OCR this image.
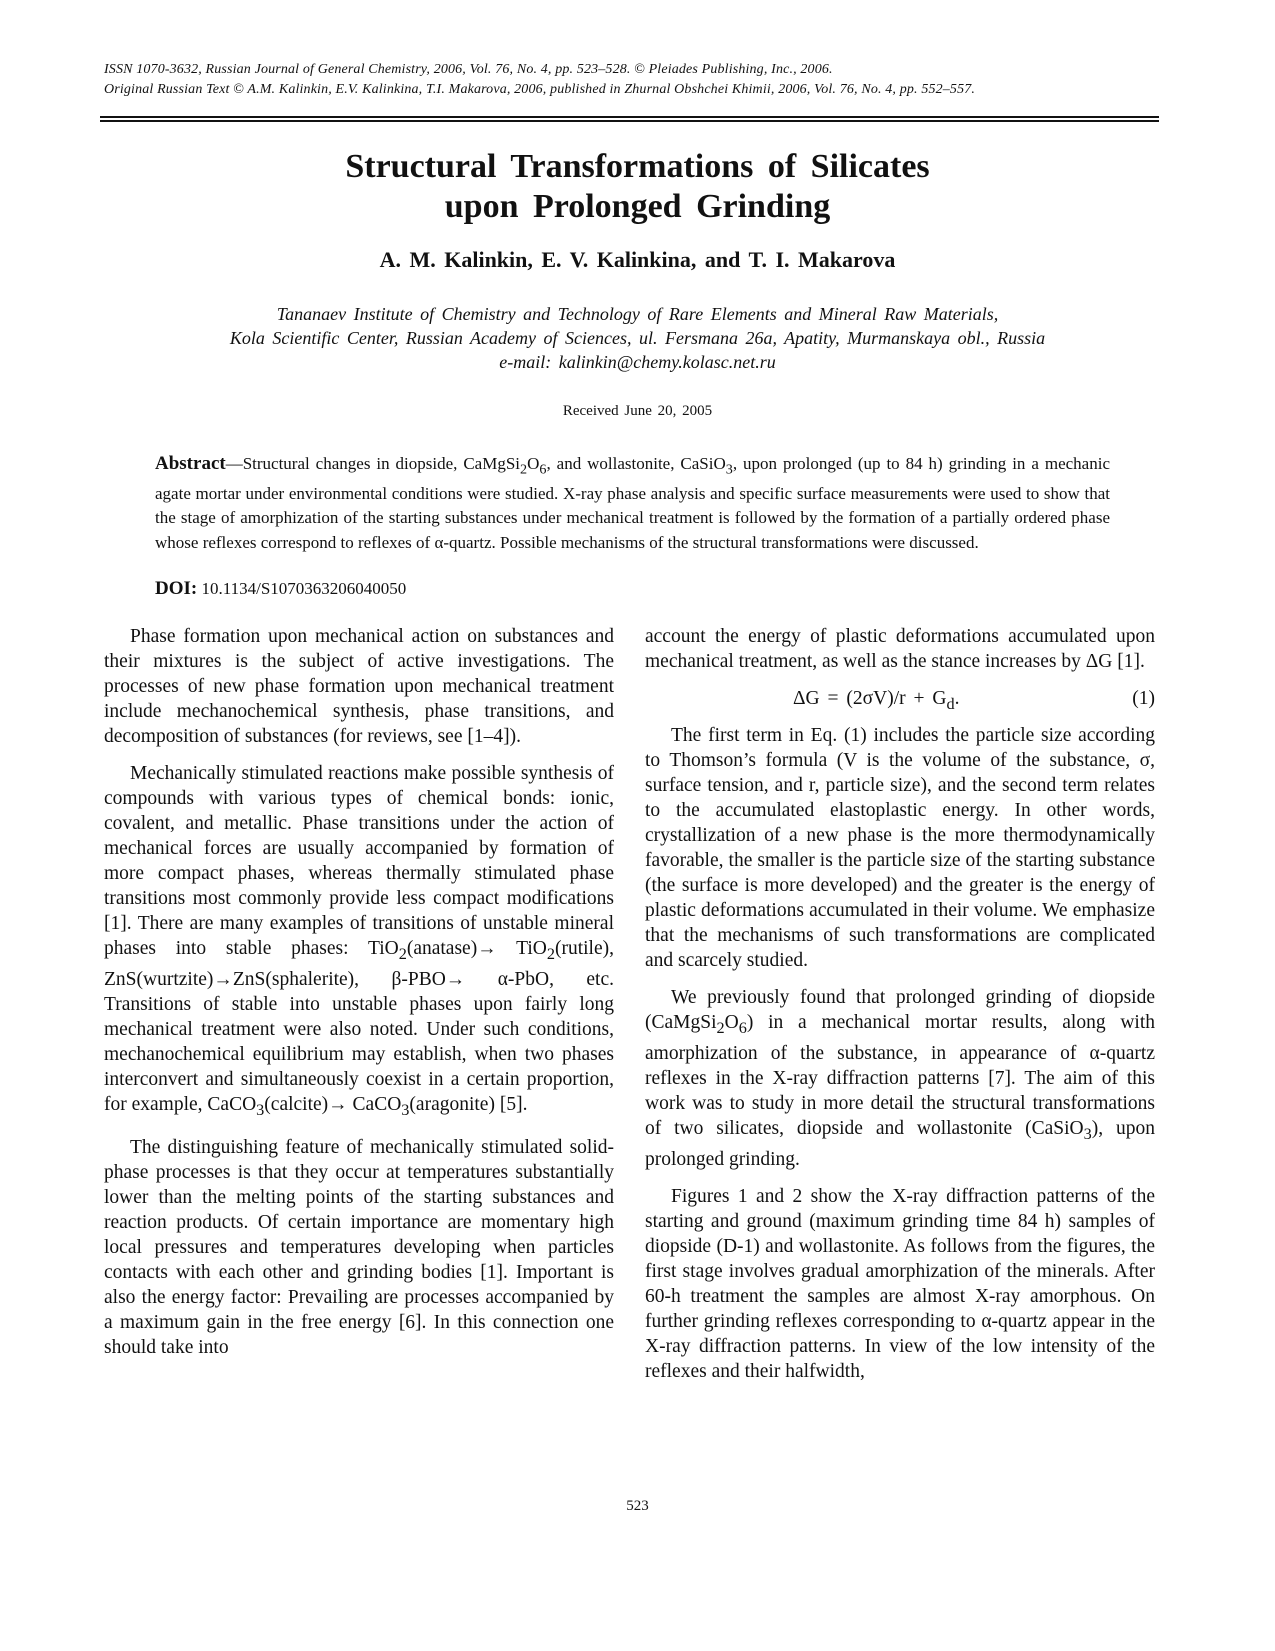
ISSN 1070-3632, Russian Journal of General Chemistry, 2006, Vol. 76, No. 4, pp. 523–528. © Pleiades Publishing, Inc., 2006.
Original Russian Text © A.M. Kalinkin, E.V. Kalinkina, T.I. Makarova, 2006, published in Zhurnal Obshchei Khimii, 2006, Vol. 76, No. 4, pp. 552–557.
Structural Transformations of Silicates
upon Prolonged Grinding
A. M. Kalinkin, E. V. Kalinkina, and T. I. Makarova
Tananaev Institute of Chemistry and Technology of Rare Elements and Mineral Raw Materials,
Kola Scientific Center, Russian Academy of Sciences, ul. Fersmana 26a, Apatity, Murmanskaya obl., Russia
e-mail: kalinkin@chemy.kolasc.net.ru
Received June 20, 2005
Abstract—Structural changes in diopside, $CaMgSi_2O_6$, and wollastonite, CaSiO$_3$, upon prolonged (up to 84 h) grinding in a mechanic agate mortar under environmental conditions were studied. X-ray phase analysis and specific surface measurements were used to show that the stage of amorphization of the starting substances under mechanical treatment is followed by the formation of a partially ordered phase whose reflexes correspond to reflexes of α-quartz. Possible mechanisms of the structural transformations were discussed.
DOI: 10.1134/S1070363206040050

Phase formation upon mechanical action on substances and their mixtures is the subject of active investigations. The processes of new phase formation upon mechanical treatment include mechanochemical synthesis, phase transitions, and decomposition of substances (for reviews, see [1–4]).

Mechanically stimulated reactions make possible synthesis of compounds with various types of chemical bonds: ionic, covalent, and metallic. Phase transitions under the action of mechanical forces are usually accompanied by formation of more compact phases, whereas thermally stimulated phase transitions most commonly provide less compact modifications [1]. There are many examples of transitions of unstable mineral phases into stable phases: TiO$_2$(anatase)→ TiO$_2$(rutile), ZnS(wurtzite)→ZnS(sphalerite), β-PBO→ α-PbO, etc. Transitions of stable into unstable phases upon fairly long mechanical treatment were also noted. Under such conditions, mechanochemical equilibrium may establish, when two phases interconvert and simultaneously coexist in a certain proportion, for example, CaCO$_3$(calcite)→ CaCO$_3$(aragonite) [5].

The distinguishing feature of mechanically stimulated solid-phase processes is that they occur at temperatures substantially lower than the melting points of the starting substances and reaction products. Of certain importance are momentary high local pressures and temperatures developing when particles contacts with each other and grinding bodies [1]. Important is also the energy factor: Prevailing are processes accompanied by a maximum gain in the free energy [6]. In this connection one should take into

account the energy of plastic deformations accumulated upon mechanical treatment, as well as the stance increases by ΔG [1].

$\Delta G = (2\sigma V)/r + G_d$.	(1)

The first term in Eq. (1) includes the particle size according to Thomson’s formula (V is the volume of the substance, σ, surface tension, and r, particle size), and the second term relates to the accumulated elastoplastic energy. In other words, crystallization of a new phase is the more thermodynamically favorable, the smaller is the particle size of the starting substance (the surface is more developed) and the greater is the energy of plastic deformations accumulated in their volume. We emphasize that the mechanisms of such transformations are complicated and scarcely studied.

We previously found that prolonged grinding of diopside $(CaMgSi_2O_6)$ in a mechanical mortar results, along with amorphization of the substance, in appearance of α-quartz reflexes in the X-ray diffraction patterns [7]. The aim of this work was to study in more detail the structural transformations of two silicates, diopside and wollastonite (CaSiO$_3$), upon prolonged grinding.

Figures 1 and 2 show the X-ray diffraction patterns of the starting and ground (maximum grinding time 84 h) samples of diopside (D-1) and wollastonite. As follows from the figures, the first stage involves gradual amorphization of the minerals. After 60-h treatment the samples are almost X-ray amorphous. On further grinding reflexes corresponding to α-quartz appear in the X-ray diffraction patterns. In view of the low intensity of the reflexes and their halfwidth,

523
